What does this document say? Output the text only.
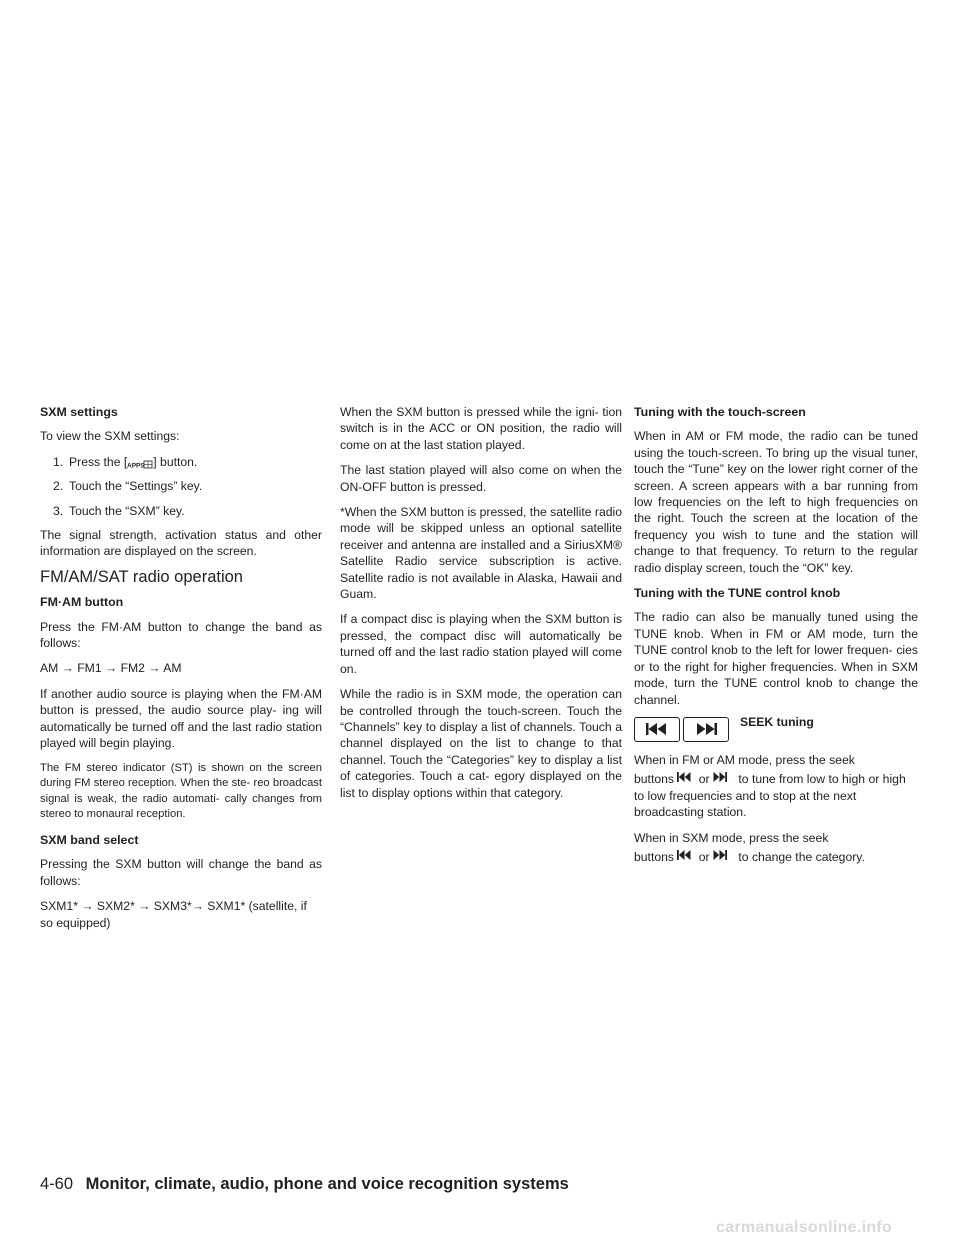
SXM settings

To view the SXM settings:

1. Press the [ APPS ] button.
2. Touch the “Settings” key.
3. Touch the “SXM” key.

The signal strength, activation status and other information are displayed on the screen.

FM/AM/SAT radio operation
FM·AM button

Press the FM·AM button to change the band as follows:

AM → FM1 → FM2 → AM

If another audio source is playing when the FM·AM button is pressed, the audio source play- ing will automatically be turned off and the last radio station played will begin playing.

The FM stereo indicator (ST) is shown on the screen during FM stereo reception. When the ste- reo broadcast signal is weak, the radio automati- cally changes from stereo to monaural reception.

SXM band select

Pressing the SXM button will change the band as follows:

SXM1* → SXM2* → SXM3*→ SXM1* (satellite, if so equipped)

When the SXM button is pressed while the igni- tion switch is in the ACC or ON position, the radio will come on at the last station played.

The last station played will also come on when the ON-OFF button is pressed.

*When the SXM button is pressed, the satellite radio mode will be skipped unless an optional satellite receiver and antenna are installed and a SiriusXM® Satellite Radio service subscription is active. Satellite radio is not available in Alaska, Hawaii and Guam.

If a compact disc is playing when the SXM button is pressed, the compact disc will automatically be turned off and the last radio station played will come on.

While the radio is in SXM mode, the operation can be controlled through the touch-screen. Touch the “Channels” key to display a list of channels. Touch a channel displayed on the list to change to that channel. Touch the “Categories” key to display a list of categories. Touch a cat- egory displayed on the list to display options within that category.

Tuning with the touch-screen

When in AM or FM mode, the radio can be tuned using the touch-screen. To bring up the visual tuner, touch the “Tune” key on the lower right corner of the screen. A screen appears with a bar running from low frequencies on the left to high frequencies on the right. Touch the screen at the location of the frequency you wish to tune and the station will change to that frequency. To return to the regular radio display screen, touch the “OK” key.

Tuning with the TUNE control knob

The radio can also be manually tuned using the TUNE knob. When in FM or AM mode, turn the TUNE control knob to the left for lower frequen- cies or to the right for higher frequencies. When in SXM mode, turn the TUNE control knob to change the channel.

SEEK tuning

When in FM or AM mode, press the seek

buttons or to tune from low to high or high to low frequencies and to stop at the next broadcasting station.

When in SXM mode, press the seek

buttons or to change the category.

4-60 Monitor, climate, audio, phone and voice recognition systems
carmanualsonline.info
